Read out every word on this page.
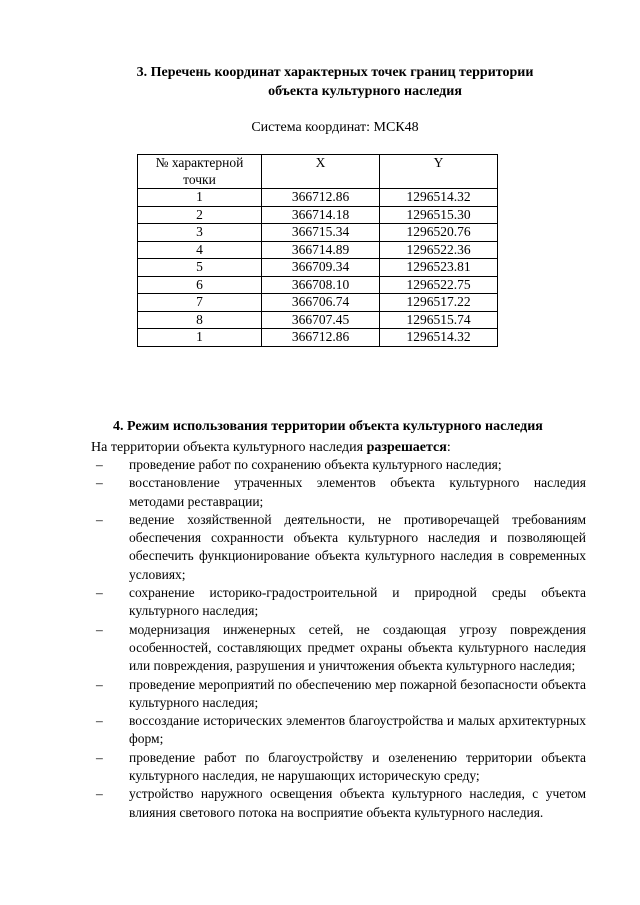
3. Перечень координат характерных точек границ территории
объекта культурного наследия
Система координат: МСК48
№ характерной точки	X	Y
1	366712.86	1296514.32
2	366714.18	1296515.30
3	366715.34	1296520.76
4	366714.89	1296522.36
5	366709.34	1296523.81
6	366708.10	1296522.75
7	366706.74	1296517.22
8	366707.45	1296515.74
1	366712.86	1296514.32
4. Режим использования территории объекта культурного наследия
На территории объекта культурного наследия разрешается:
– проведение работ по сохранению объекта культурного наследия;
– восстановление утраченных элементов объекта культурного наследия методами реставрации;
– ведение хозяйственной деятельности, не противоречащей требованиям обеспечения сохранности объекта культурного наследия и позволяющей обеспечить функционирование объекта культурного наследия в современных условиях;
– сохранение историко-градостроительной и природной среды объекта культурного наследия;
– модернизация инженерных сетей, не создающая угрозу повреждения особенностей, составляющих предмет охраны объекта культурного наследия или повреждения, разрушения и уничтожения объекта культурного наследия;
– проведение мероприятий по обеспечению мер пожарной безопасности объекта культурного наследия;
– воссоздание исторических элементов благоустройства и малых архитектурных форм;
– проведение работ по благоустройству и озеленению территории объекта культурного наследия, не нарушающих историческую среду;
– устройство наружного освещения объекта культурного наследия, с учетом влияния светового потока на восприятие объекта культурного наследия.
